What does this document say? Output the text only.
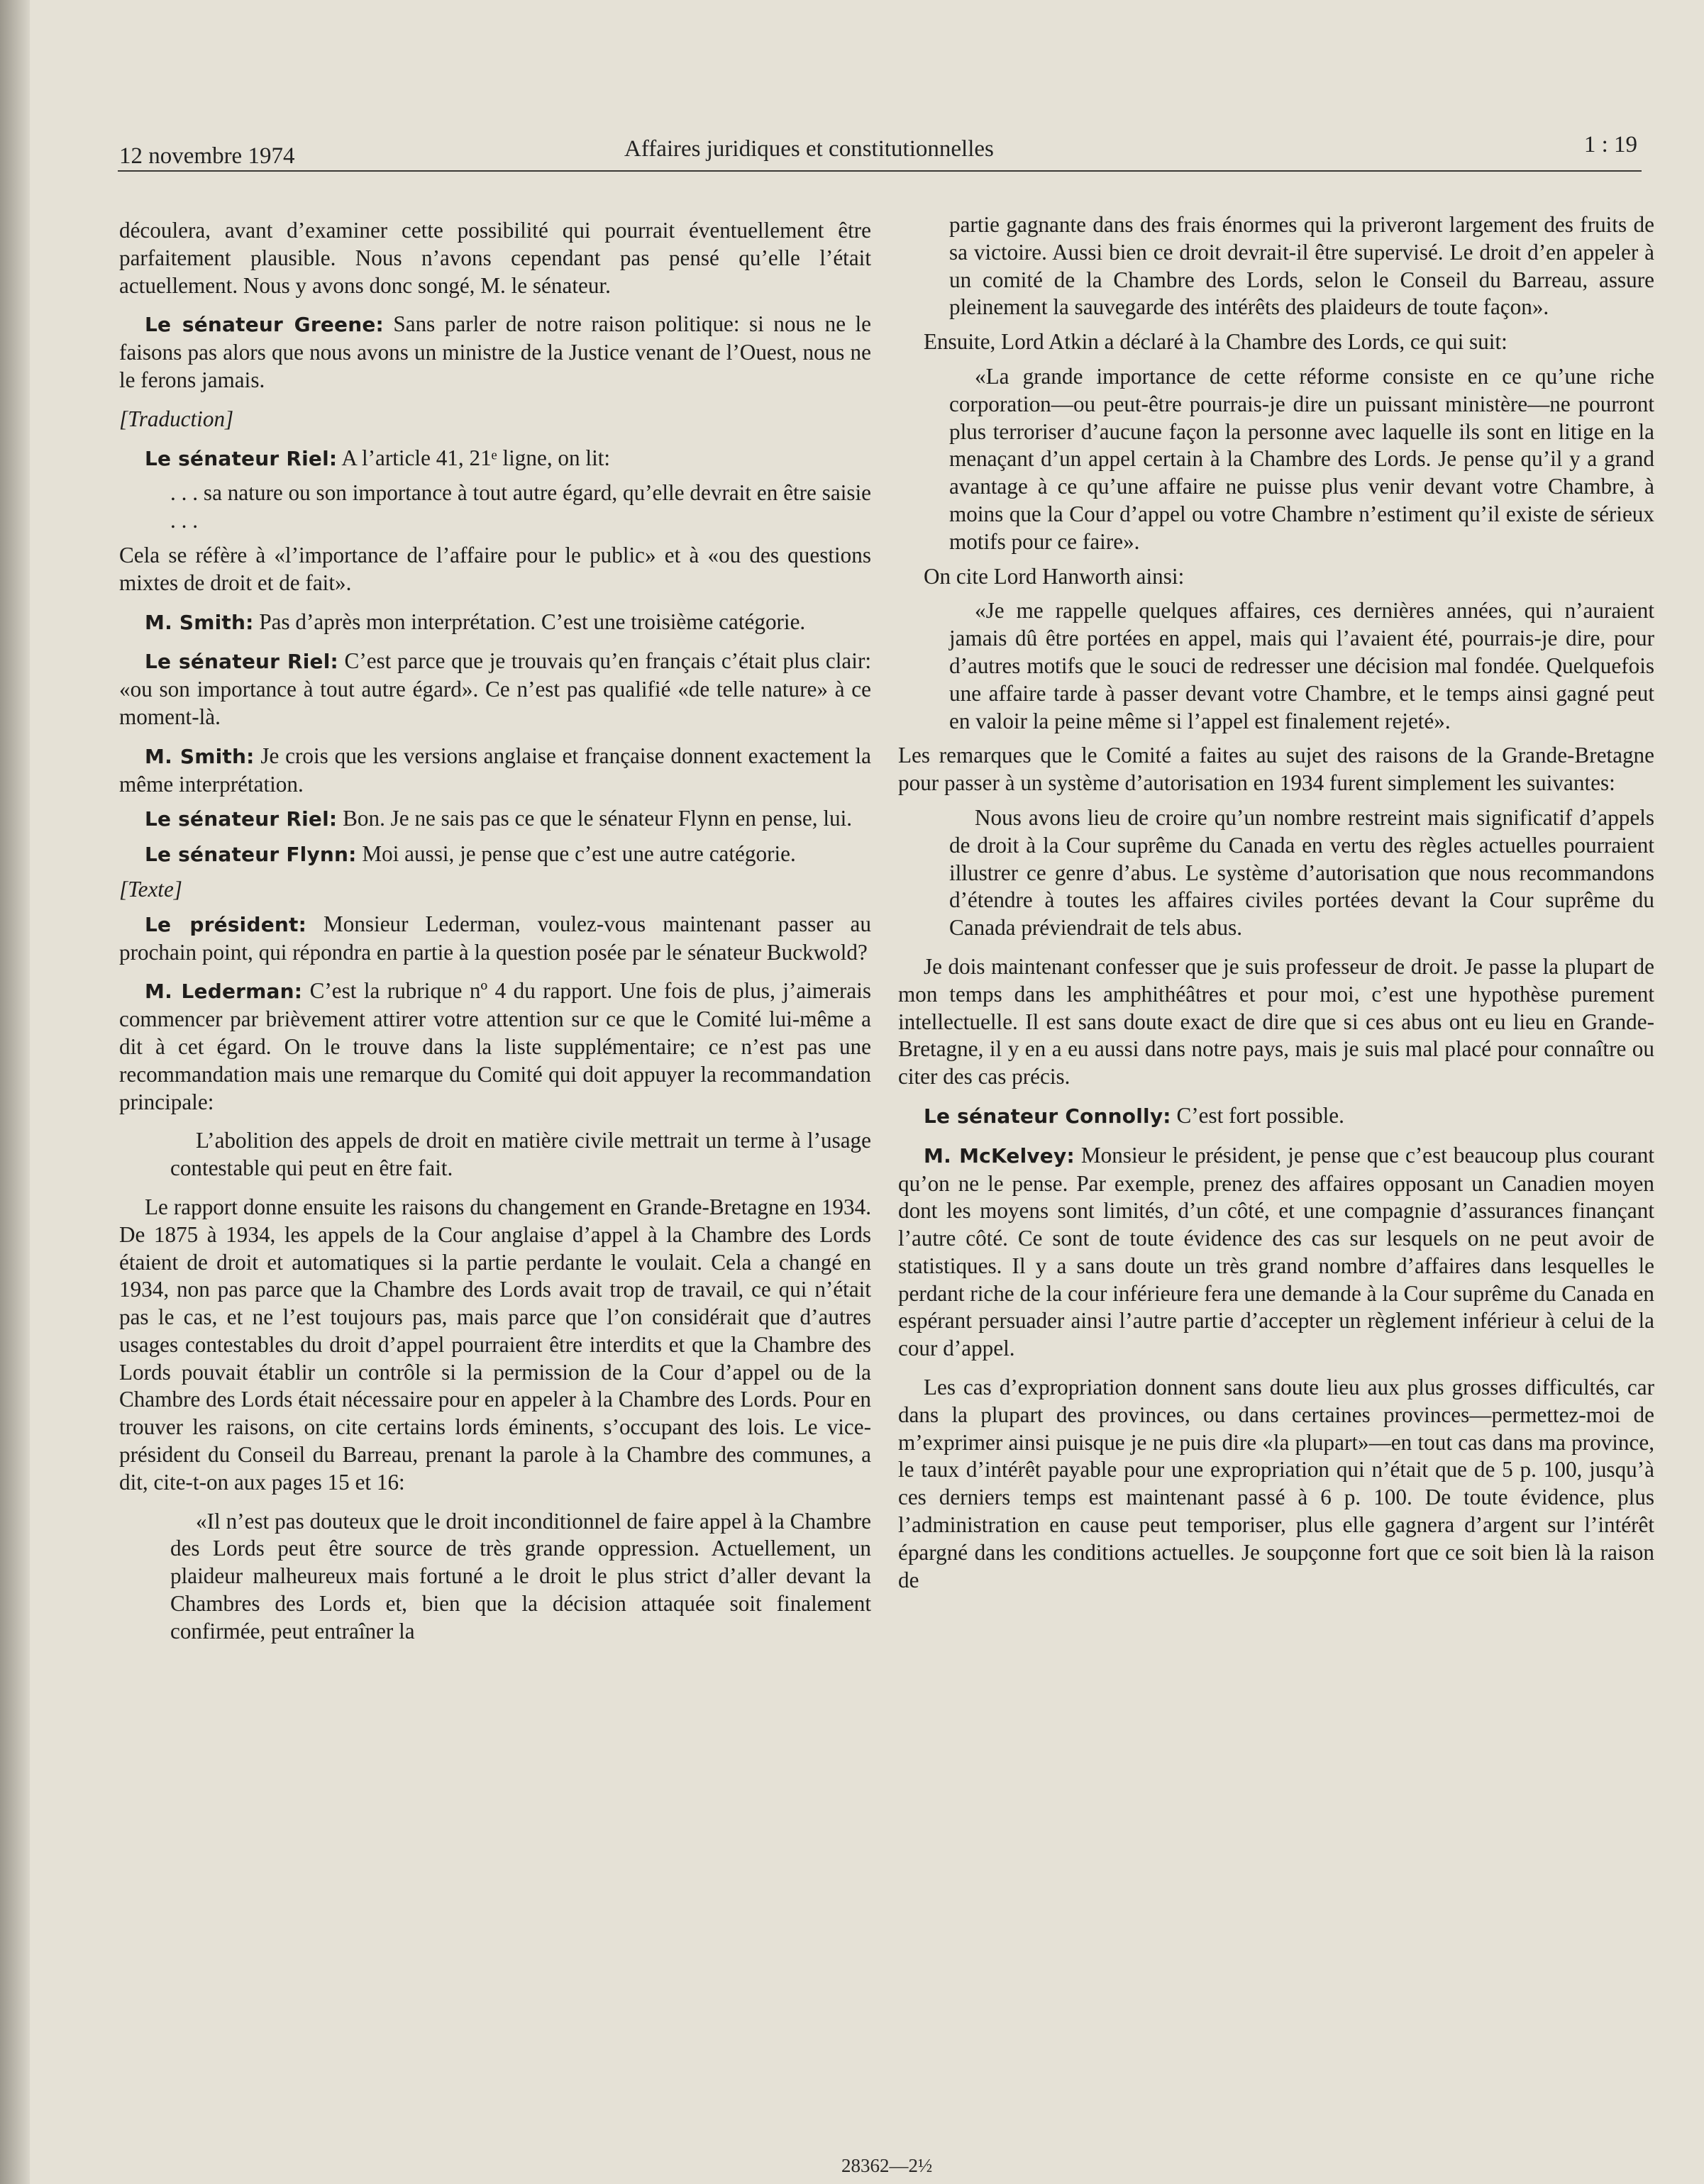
12 novembre 1974	Affaires juridiques et constitutionnelles	1 : 19

découlera, avant d’examiner cette possibilité qui pourrait éventuellement être parfaitement plausible. Nous n’avons cependant pas pensé qu’elle l’était actuellement. Nous y avons donc songé, M. le sénateur.

Le sénateur Greene: Sans parler de notre raison politique: si nous ne le faisons pas alors que nous avons un ministre de la Justice venant de l’Ouest, nous ne le ferons jamais.

[Traduction]

Le sénateur Riel: A l’article 41, 21ᵉ ligne, on lit:

. . . sa nature ou son importance à tout autre égard, qu’elle devrait en être saisie . . .

Cela se réfère à «l’importance de l’affaire pour le public» et à «ou des questions mixtes de droit et de fait».

M. Smith: Pas d’après mon interprétation. C’est une troisième catégorie.

Le sénateur Riel: C’est parce que je trouvais qu’en français c’était plus clair: «ou son importance à tout autre égard». Ce n’est pas qualifié «de telle nature» à ce moment-là.

M. Smith: Je crois que les versions anglaise et française donnent exactement la même interprétation.

Le sénateur Riel: Bon. Je ne sais pas ce que le sénateur Flynn en pense, lui.

Le sénateur Flynn: Moi aussi, je pense que c’est une autre catégorie.

[Texte]

Le président: Monsieur Lederman, voulez-vous maintenant passer au prochain point, qui répondra en partie à la question posée par le sénateur Buckwold?

M. Lederman: C’est la rubrique nº 4 du rapport. Une fois de plus, j’aimerais commencer par brièvement attirer votre attention sur ce que le Comité lui-même a dit à cet égard. On le trouve dans la liste supplémentaire; ce n’est pas une recommandation mais une remarque du Comité qui doit appuyer la recommandation principale:

L’abolition des appels de droit en matière civile mettrait un terme à l’usage contestable qui peut en être fait.

Le rapport donne ensuite les raisons du changement en Grande-Bretagne en 1934. De 1875 à 1934, les appels de la Cour anglaise d’appel à la Chambre des Lords étaient de droit et automatiques si la partie perdante le voulait. Cela a changé en 1934, non pas parce que la Chambre des Lords avait trop de travail, ce qui n’était pas le cas, et ne l’est toujours pas, mais parce que l’on considérait que d’autres usages contestables du droit d’appel pourraient être interdits et que la Chambre des Lords pouvait établir un contrôle si la permission de la Cour d’appel ou de la Chambre des Lords était nécessaire pour en appeler à la Chambre des Lords. Pour en trouver les raisons, on cite certains lords éminents, s’occupant des lois. Le vice-président du Conseil du Barreau, prenant la parole à la Chambre des communes, a dit, cite-t-on aux pages 15 et 16:

«Il n’est pas douteux que le droit inconditionnel de faire appel à la Chambre des Lords peut être source de très grande oppression. Actuellement, un plaideur malheureux mais fortuné a le droit le plus strict d’aller devant la Chambres des Lords et, bien que la décision attaquée soit finalement confirmée, peut entraîner la

partie gagnante dans des frais énormes qui la priveront largement des fruits de sa victoire. Aussi bien ce droit devrait-il être supervisé. Le droit d’en appeler à un comité de la Chambre des Lords, selon le Conseil du Barreau, assure pleinement la sauvegarde des intérêts des plaideurs de toute façon».

Ensuite, Lord Atkin a déclaré à la Chambre des Lords, ce qui suit:

«La grande importance de cette réforme consiste en ce qu’une riche corporation—ou peut-être pourrais-je dire un puissant ministère—ne pourront plus terroriser d’aucune façon la personne avec laquelle ils sont en litige en la menaçant d’un appel certain à la Chambre des Lords. Je pense qu’il y a grand avantage à ce qu’une affaire ne puisse plus venir devant votre Chambre, à moins que la Cour d’appel ou votre Chambre n’estiment qu’il existe de sérieux motifs pour ce faire».

On cite Lord Hanworth ainsi:

«Je me rappelle quelques affaires, ces dernières années, qui n’auraient jamais dû être portées en appel, mais qui l’avaient été, pourrais-je dire, pour d’autres motifs que le souci de redresser une décision mal fondée. Quelquefois une affaire tarde à passer devant votre Chambre, et le temps ainsi gagné peut en valoir la peine même si l’appel est finalement rejeté».

Les remarques que le Comité a faites au sujet des raisons de la Grande-Bretagne pour passer à un système d’autorisation en 1934 furent simplement les suivantes:

Nous avons lieu de croire qu’un nombre restreint mais significatif d’appels de droit à la Cour suprême du Canada en vertu des règles actuelles pourraient illustrer ce genre d’abus. Le système d’autorisation que nous recommandons d’étendre à toutes les affaires civiles portées devant la Cour suprême du Canada préviendrait de tels abus.

Je dois maintenant confesser que je suis professeur de droit. Je passe la plupart de mon temps dans les amphithéâtres et pour moi, c’est une hypothèse purement intellectuelle. Il est sans doute exact de dire que si ces abus ont eu lieu en Grande-Bretagne, il y en a eu aussi dans notre pays, mais je suis mal placé pour connaître ou citer des cas précis.

Le sénateur Connolly: C’est fort possible.

M. McKelvey: Monsieur le président, je pense que c’est beaucoup plus courant qu’on ne le pense. Par exemple, prenez des affaires opposant un Canadien moyen dont les moyens sont limités, d’un côté, et une compagnie d’assurances finançant l’autre côté. Ce sont de toute évidence des cas sur lesquels on ne peut avoir de statistiques. Il y a sans doute un très grand nombre d’affaires dans lesquelles le perdant riche de la cour inférieure fera une demande à la Cour suprême du Canada en espérant persuader ainsi l’autre partie d’accepter un règlement inférieur à celui de la cour d’appel.

Les cas d’expropriation donnent sans doute lieu aux plus grosses difficultés, car dans la plupart des provinces, ou dans certaines provinces—permettez-moi de m’exprimer ainsi puisque je ne puis dire «la plupart»—en tout cas dans ma province, le taux d’intérêt payable pour une expropriation qui n’était que de 5 p. 100, jusqu’à ces derniers temps est maintenant passé à 6 p. 100. De toute évidence, plus l’administration en cause peut temporiser, plus elle gagnera d’argent sur l’intérêt épargné dans les conditions actuelles. Je soupçonne fort que ce soit bien là la raison de

28362—2½
